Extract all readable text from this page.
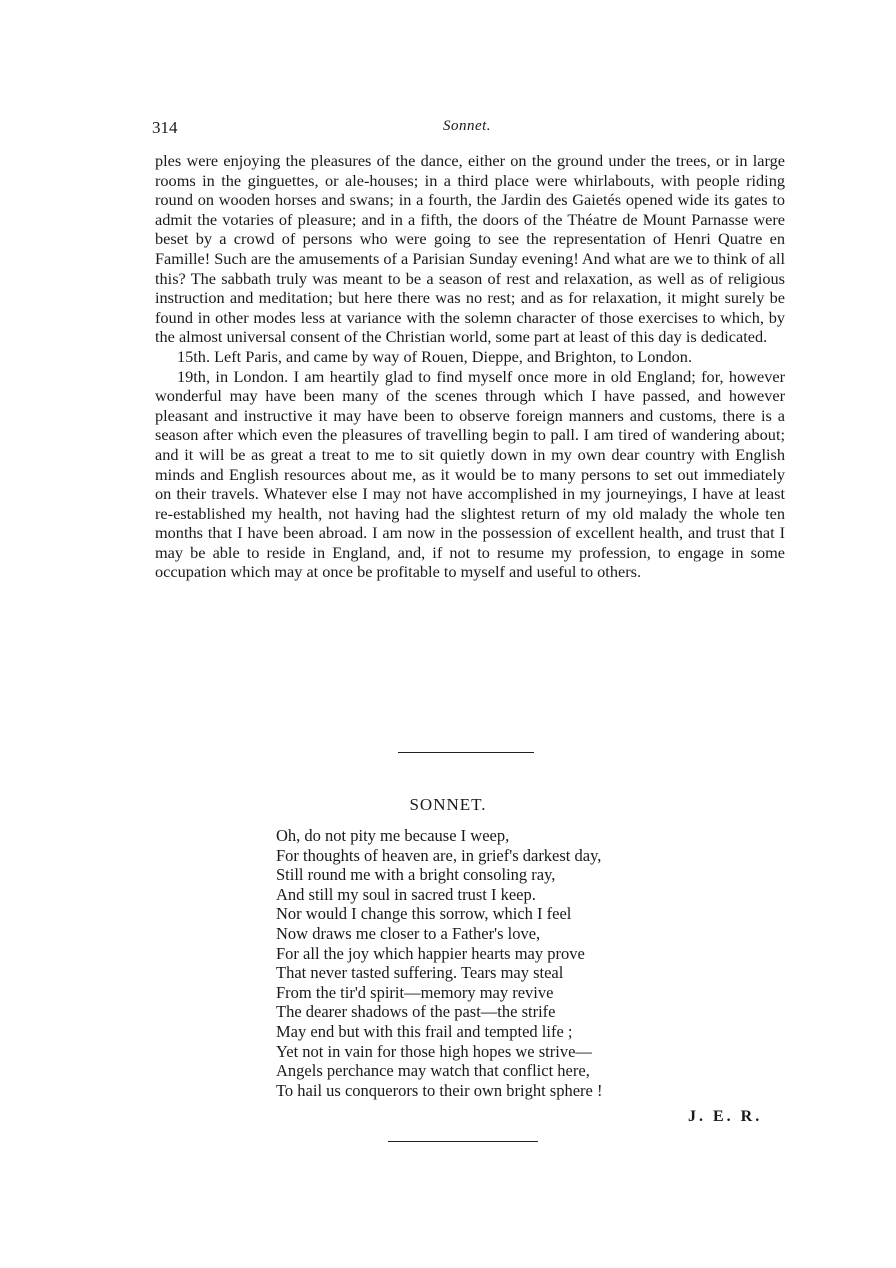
314	Sonnet.

ples were enjoying the pleasures of the dance, either on the ground under the trees, or in large rooms in the ginguettes, or ale-houses; in a third place were whirlabouts, with people riding round on wooden horses and swans; in a fourth, the Jardin des Gaietés opened wide its gates to admit the votaries of pleasure; and in a fifth, the doors of the Théatre de Mount Parnasse were beset by a crowd of persons who were going to see the representation of Henri Quatre en Famille! Such are the amusements of a Parisian Sunday evening! And what are we to think of all this? The sabbath truly was meant to be a season of rest and relaxation, as well as of religious instruction and meditation; but here there was no rest; and as for relaxation, it might surely be found in other modes less at variance with the solemn character of those exercises to which, by the almost universal consent of the Christian world, some part at least of this day is dedicated.

15th. Left Paris, and came by way of Rouen, Dieppe, and Brighton, to London.

19th, in London. I am heartily glad to find myself once more in old England; for, however wonderful may have been many of the scenes through which I have passed, and however pleasant and instructive it may have been to observe foreign manners and customs, there is a season after which even the pleasures of travelling begin to pall. I am tired of wandering about; and it will be as great a treat to me to sit quietly down in my own dear country with English minds and English resources about me, as it would be to many persons to set out immediately on their travels. Whatever else I may not have accomplished in my journeyings, I have at least re-established my health, not having had the slightest return of my old malady the whole ten months that I have been abroad. I am now in the possession of excellent health, and trust that I may be able to reside in England, and, if not to resume my profession, to engage in some occupation which may at once be profitable to myself and useful to others.

SONNET.
Oh, do not pity me because I weep,
For thoughts of heaven are, in grief's darkest day,
Still round me with a bright consoling ray,
And still my soul in sacred trust I keep.
Nor would I change this sorrow, which I feel
Now draws me closer to a Father's love,
For all the joy which happier hearts may prove
That never tasted suffering. Tears may steal
From the tir'd spirit—memory may revive
The dearer shadows of the past—the strife
May end but with this frail and tempted life ;
Yet not in vain for those high hopes we strive—
Angels perchance may watch that conflict here,
To hail us conquerors to their own bright sphere !
J. E. R.
